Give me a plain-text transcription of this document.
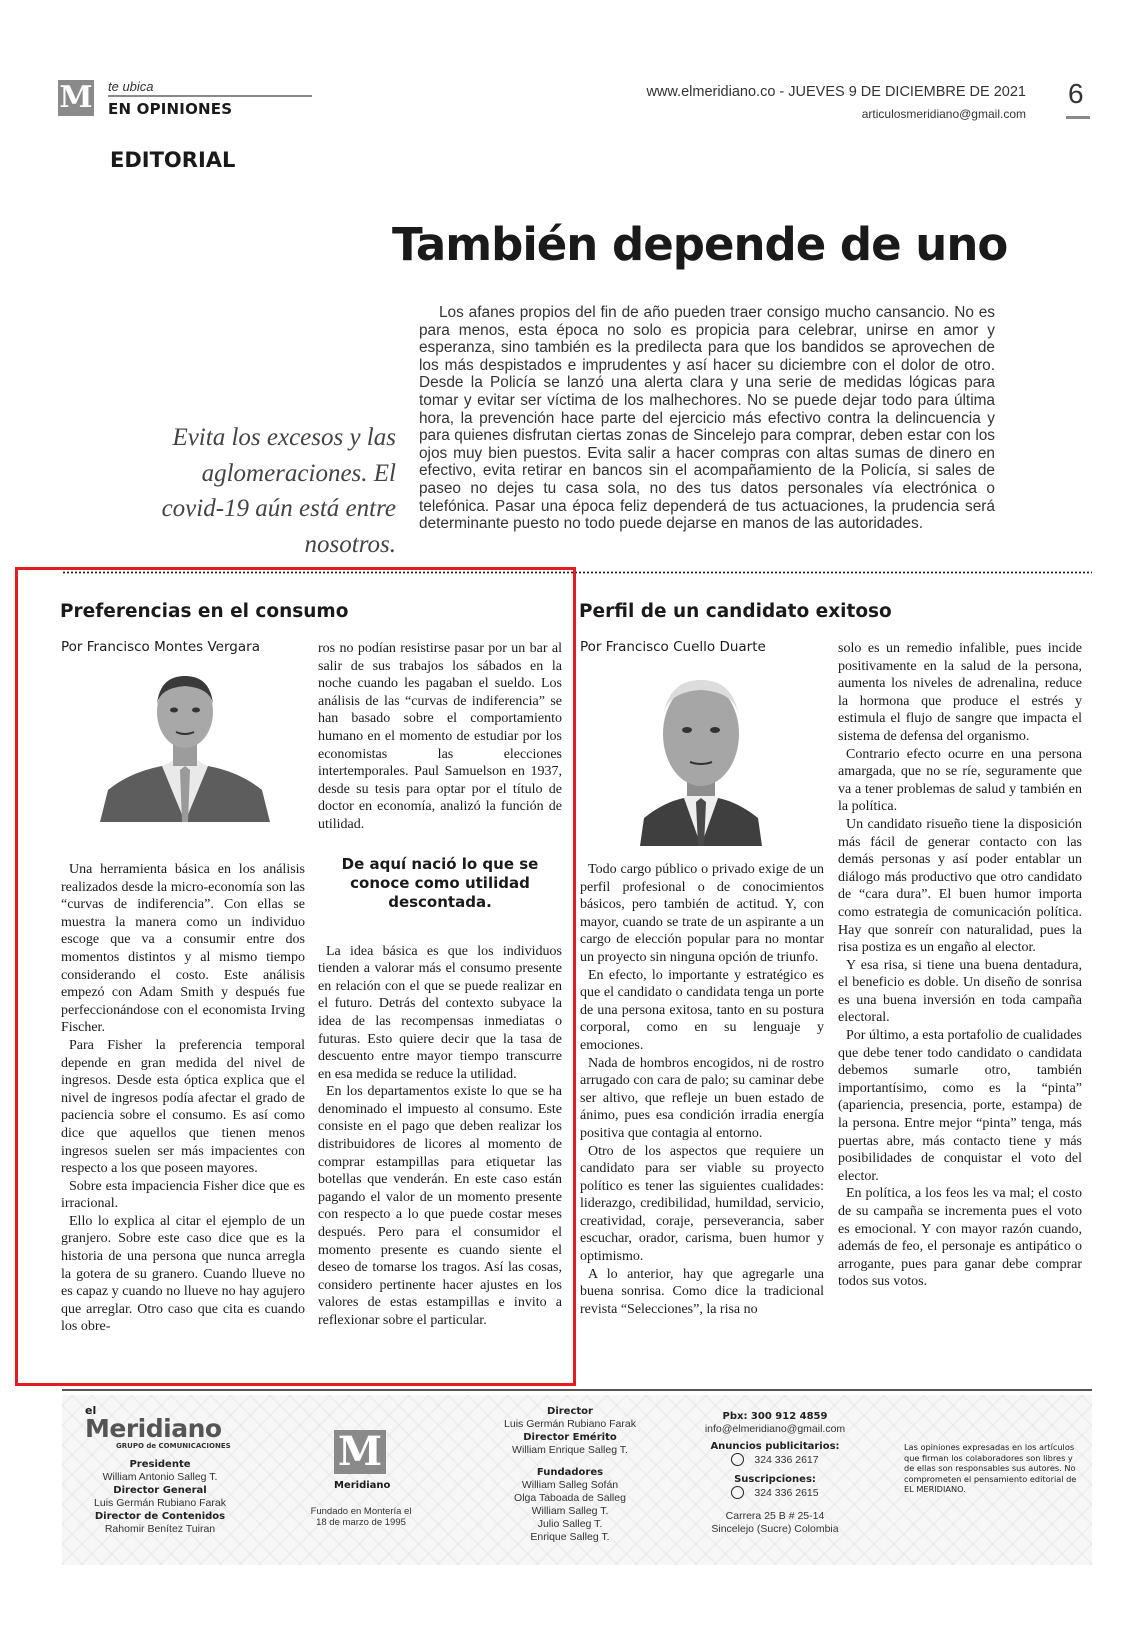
M te ubica
EN OPINIONES
EDITORIAL
www.elmeridiano.co - JUEVES 9 DE DICIEMBRE DE 2021
articulosmeridiano@gmail.com
6
También depende de uno
Los afanes propios del fin de año pueden traer consigo mucho cansancio. No es para menos, esta época no solo es propicia para celebrar, unirse en amor y esperanza, sino también es la predilecta para que los bandidos se aprovechen de los más despistados e imprudentes y así hacer su diciembre con el dolor de otro. Desde la Policía se lanzó una alerta clara y una serie de medidas lógicas para tomar y evitar ser víctima de los malhechores. No se puede dejar todo para última hora, la prevención hace parte del ejercicio más efectivo contra la delincuencia y para quienes disfrutan ciertas zonas de Sincelejo para comprar, deben estar con los ojos muy bien puestos. Evita salir a hacer compras con altas sumas de dinero en efectivo, evita retirar en bancos sin el acompañamiento de la Policía, si sales de paseo no dejes tu casa sola, no des tus datos personales vía electrónica o telefónica. Pasar una época feliz dependerá de tus actuaciones, la prudencia será determinante puesto no todo puede dejarse en manos de las autoridades.
Evita los excesos y las aglomeraciones. El covid-19 aún está entre nosotros.
Preferencias en el consumo
Por Francisco Montes Vergara

Una herramienta básica en los análisis realizados desde la micro-economía son las “curvas de indiferencia”. Con ellas se muestra la manera como un individuo escoge que va a consumir entre dos momentos distintos y al mismo tiempo considerando el costo. Este análisis empezó con Adam Smith y después fue perfeccionándose con el economista Irving Fischer.

Para Fisher la preferencia temporal depende en gran medida del nivel de ingresos. Desde esta óptica explica que el nivel de ingresos podía afectar el grado de paciencia sobre el consumo. Es así como dice que aquellos que tienen menos ingresos suelen ser más impacientes con respecto a los que poseen mayores.

Sobre esta impaciencia Fisher dice que es irracional.

Ello lo explica al citar el ejemplo de un granjero. Sobre este caso dice que es la historia de una persona que nunca arregla la gotera de su granero. Cuando llueve no es capaz y cuando no llueve no hay agujero que arreglar. Otro caso que cita es cuando los obre-

ros no podían resistirse pasar por un bar al salir de sus trabajos los sábados en la noche cuando les pagaban el sueldo. Los análisis de las “curvas de indiferencia” se han basado sobre el comportamiento humano en el momento de estudiar por los economistas las elecciones intertemporales. Paul Samuelson en 1937, desde su tesis para optar por el título de doctor en economía, analizó la función de utilidad.

De aquí nació lo que se conoce como utilidad descontada.

La idea básica es que los individuos tienden a valorar más el consumo presente en relación con el que se puede realizar en el futuro. Detrás del contexto subyace la idea de las recompensas inmediatas o futuras. Esto quiere decir que la tasa de descuento entre mayor tiempo transcurre en esa medida se reduce la utilidad.

En los departamentos existe lo que se ha denominado el impuesto al consumo. Este consiste en el pago que deben realizar los distribuidores de licores al momento de comprar estampillas para etiquetar las botellas que venderán. En este caso están pagando el valor de un momento presente con respecto a lo que puede costar meses después. Pero para el consumidor el momento presente es cuando siente el deseo de tomarse los tragos. Así las cosas, considero pertinente hacer ajustes en los valores de estas estampillas e invito a reflexionar sobre el particular.

Perfil de un candidato exitoso
Por Francisco Cuello Duarte

Todo cargo público o privado exige de un perfil profesional o de conocimientos básicos, pero también de actitud. Y, con mayor, cuando se trate de un aspirante a un cargo de elección popular para no montar un proyecto sin ninguna opción de triunfo.

En efecto, lo importante y estratégico es que el candidato o candidata tenga un porte de una persona exitosa, tanto en su postura corporal, como en su lenguaje y emociones.

Nada de hombros encogidos, ni de rostro arrugado con cara de palo; su caminar debe ser altivo, que refleje un buen estado de ánimo, pues esa condición irradia energía positiva que contagia al entorno.

Otro de los aspectos que requiere un candidato para ser viable su proyecto político es tener las siguientes cualidades: liderazgo, credibilidad, humildad, servicio, creatividad, coraje, perseverancia, saber escuchar, orador, carisma, buen humor y optimismo.

A lo anterior, hay que agregarle una buena sonrisa. Como dice la tradicional revista “Selecciones”, la risa no

solo es un remedio infalible, pues incide positivamente en la salud de la persona, aumenta los niveles de adrenalina, reduce la hormona que produce el estrés y estimula el flujo de sangre que impacta el sistema de defensa del organismo.

Contrario efecto ocurre en una persona amargada, que no se ríe, seguramente que va a tener problemas de salud y también en la política.

Un candidato risueño tiene la disposición más fácil de generar contacto con las demás personas y así poder entablar un diálogo más productivo que otro candidato de “cara dura”. El buen humor importa como estrategia de comunicación política. Hay que sonreír con naturalidad, pues la risa postiza es un engaño al elector.

Y esa risa, si tiene una buena dentadura, el beneficio es doble. Un diseño de sonrisa es una buena inversión en toda campaña electoral.

Por último, a esta portafolio de cualidades que debe tener todo candidato o candidata debemos sumarle otro, también importantísimo, como es la “pinta” (apariencia, presencia, porte, estampa) de la persona. Entre mejor “pinta” tenga, más puertas abre, más contacto tiene y más posibilidades de conquistar el voto del elector.

En política, a los feos les va mal; el costo de su campaña se incrementa pues el voto es emocional. Y con mayor razón cuando, además de feo, el personaje es antipático o arrogante, pues para ganar debe comprar todos sus votos.

el
Meridiano
GRUPO de COMUNICACIONES
Presidente
William Antonio Salleg T.
Director General
Luis Germán Rubiano Farak
Director de Contenidos
Rahomir Benítez Tuiran
M
Meridiano
Fundado en Montería el 18 de marzo de 1995
Director
Luis Germán Rubiano Farak
Director Emérito
William Enrique Salleg T.

Fundadores
William Salleg Sofán
Olga Taboada de Salleg
William Salleg T.
Julio Salleg T.
Enrique Salleg T.
Pbx: 300 912 4859
info@elmeridiano@gmail.com

Anuncios publicitarios:
324 336 2617

Suscripciones:
324 336 2615

Carrera 25 B # 25-14
Sincelejo (Sucre) Colombia
Las opiniones expresadas en los artículos que firman los colaboradores son libres y de ellas son responsables sus autores. No comprometen el pensamiento editorial de EL MERIDIANO.
